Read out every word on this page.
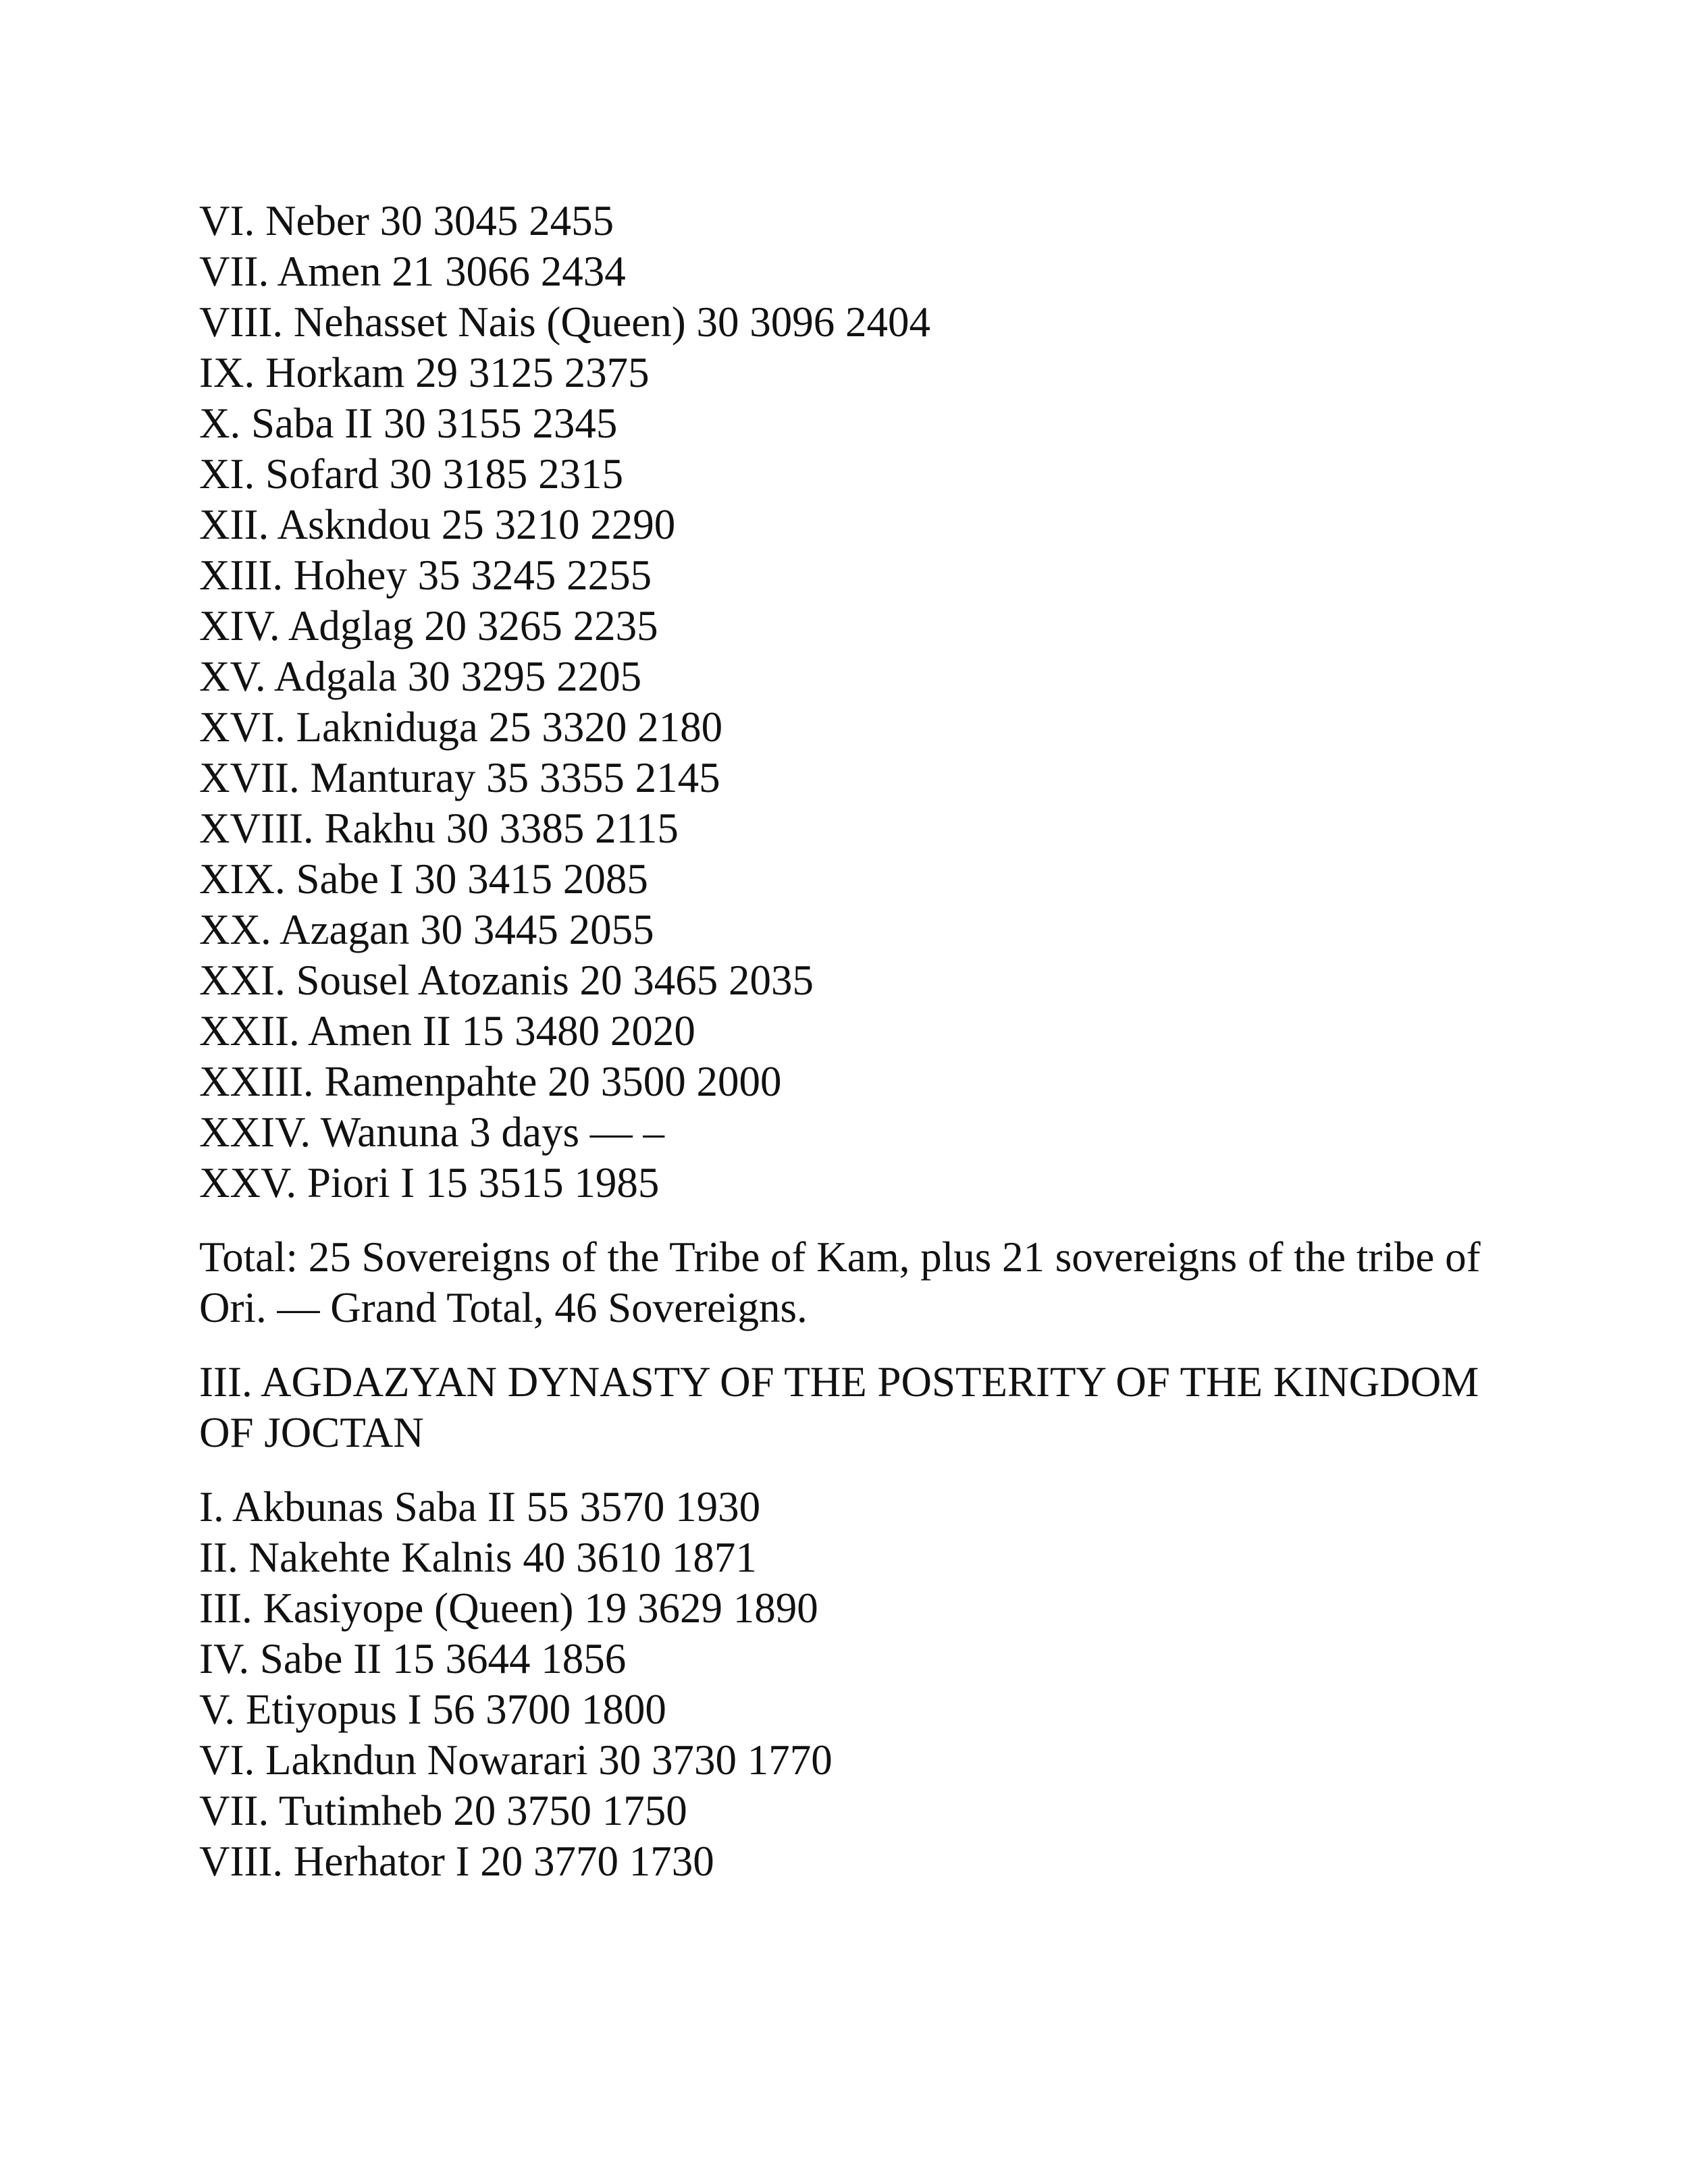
VI. Neber 30 3045 2455
VII. Amen 21 3066 2434
VIII. Nehasset Nais (Queen) 30 3096 2404
IX. Horkam 29 3125 2375
X. Saba II 30 3155 2345
XI. Sofard 30 3185 2315
XII. Askndou 25 3210 2290
XIII. Hohey 35 3245 2255
XIV. Adglag 20 3265 2235
XV. Adgala 30 3295 2205
XVI. Lakniduga 25 3320 2180
XVII. Manturay 35 3355 2145
XVIII. Rakhu 30 3385 2115
XIX. Sabe I 30 3415 2085
XX. Azagan 30 3445 2055
XXI. Sousel Atozanis 20 3465 2035
XXII. Amen II 15 3480 2020
XXIII. Ramenpahte 20 3500 2000
XXIV. Wanuna 3 days — –
XXV. Piori I 15 3515 1985
Total: 25 Sovereigns of the Tribe of Kam, plus 21 sovereigns of the tribe of Ori. — Grand Total, 46 Sovereigns.
III. AGDAZYAN DYNASTY OF THE POSTERITY OF THE KINGDOM OF JOCTAN
I. Akbunas Saba II 55 3570 1930
II. Nakehte Kalnis 40 3610 1871
III. Kasiyope (Queen) 19 3629 1890
IV. Sabe II 15 3644 1856
V. Etiyopus I 56 3700 1800
VI. Lakndun Nowarari 30 3730 1770
VII. Tutimheb 20 3750 1750
VIII. Herhator I 20 3770 1730
